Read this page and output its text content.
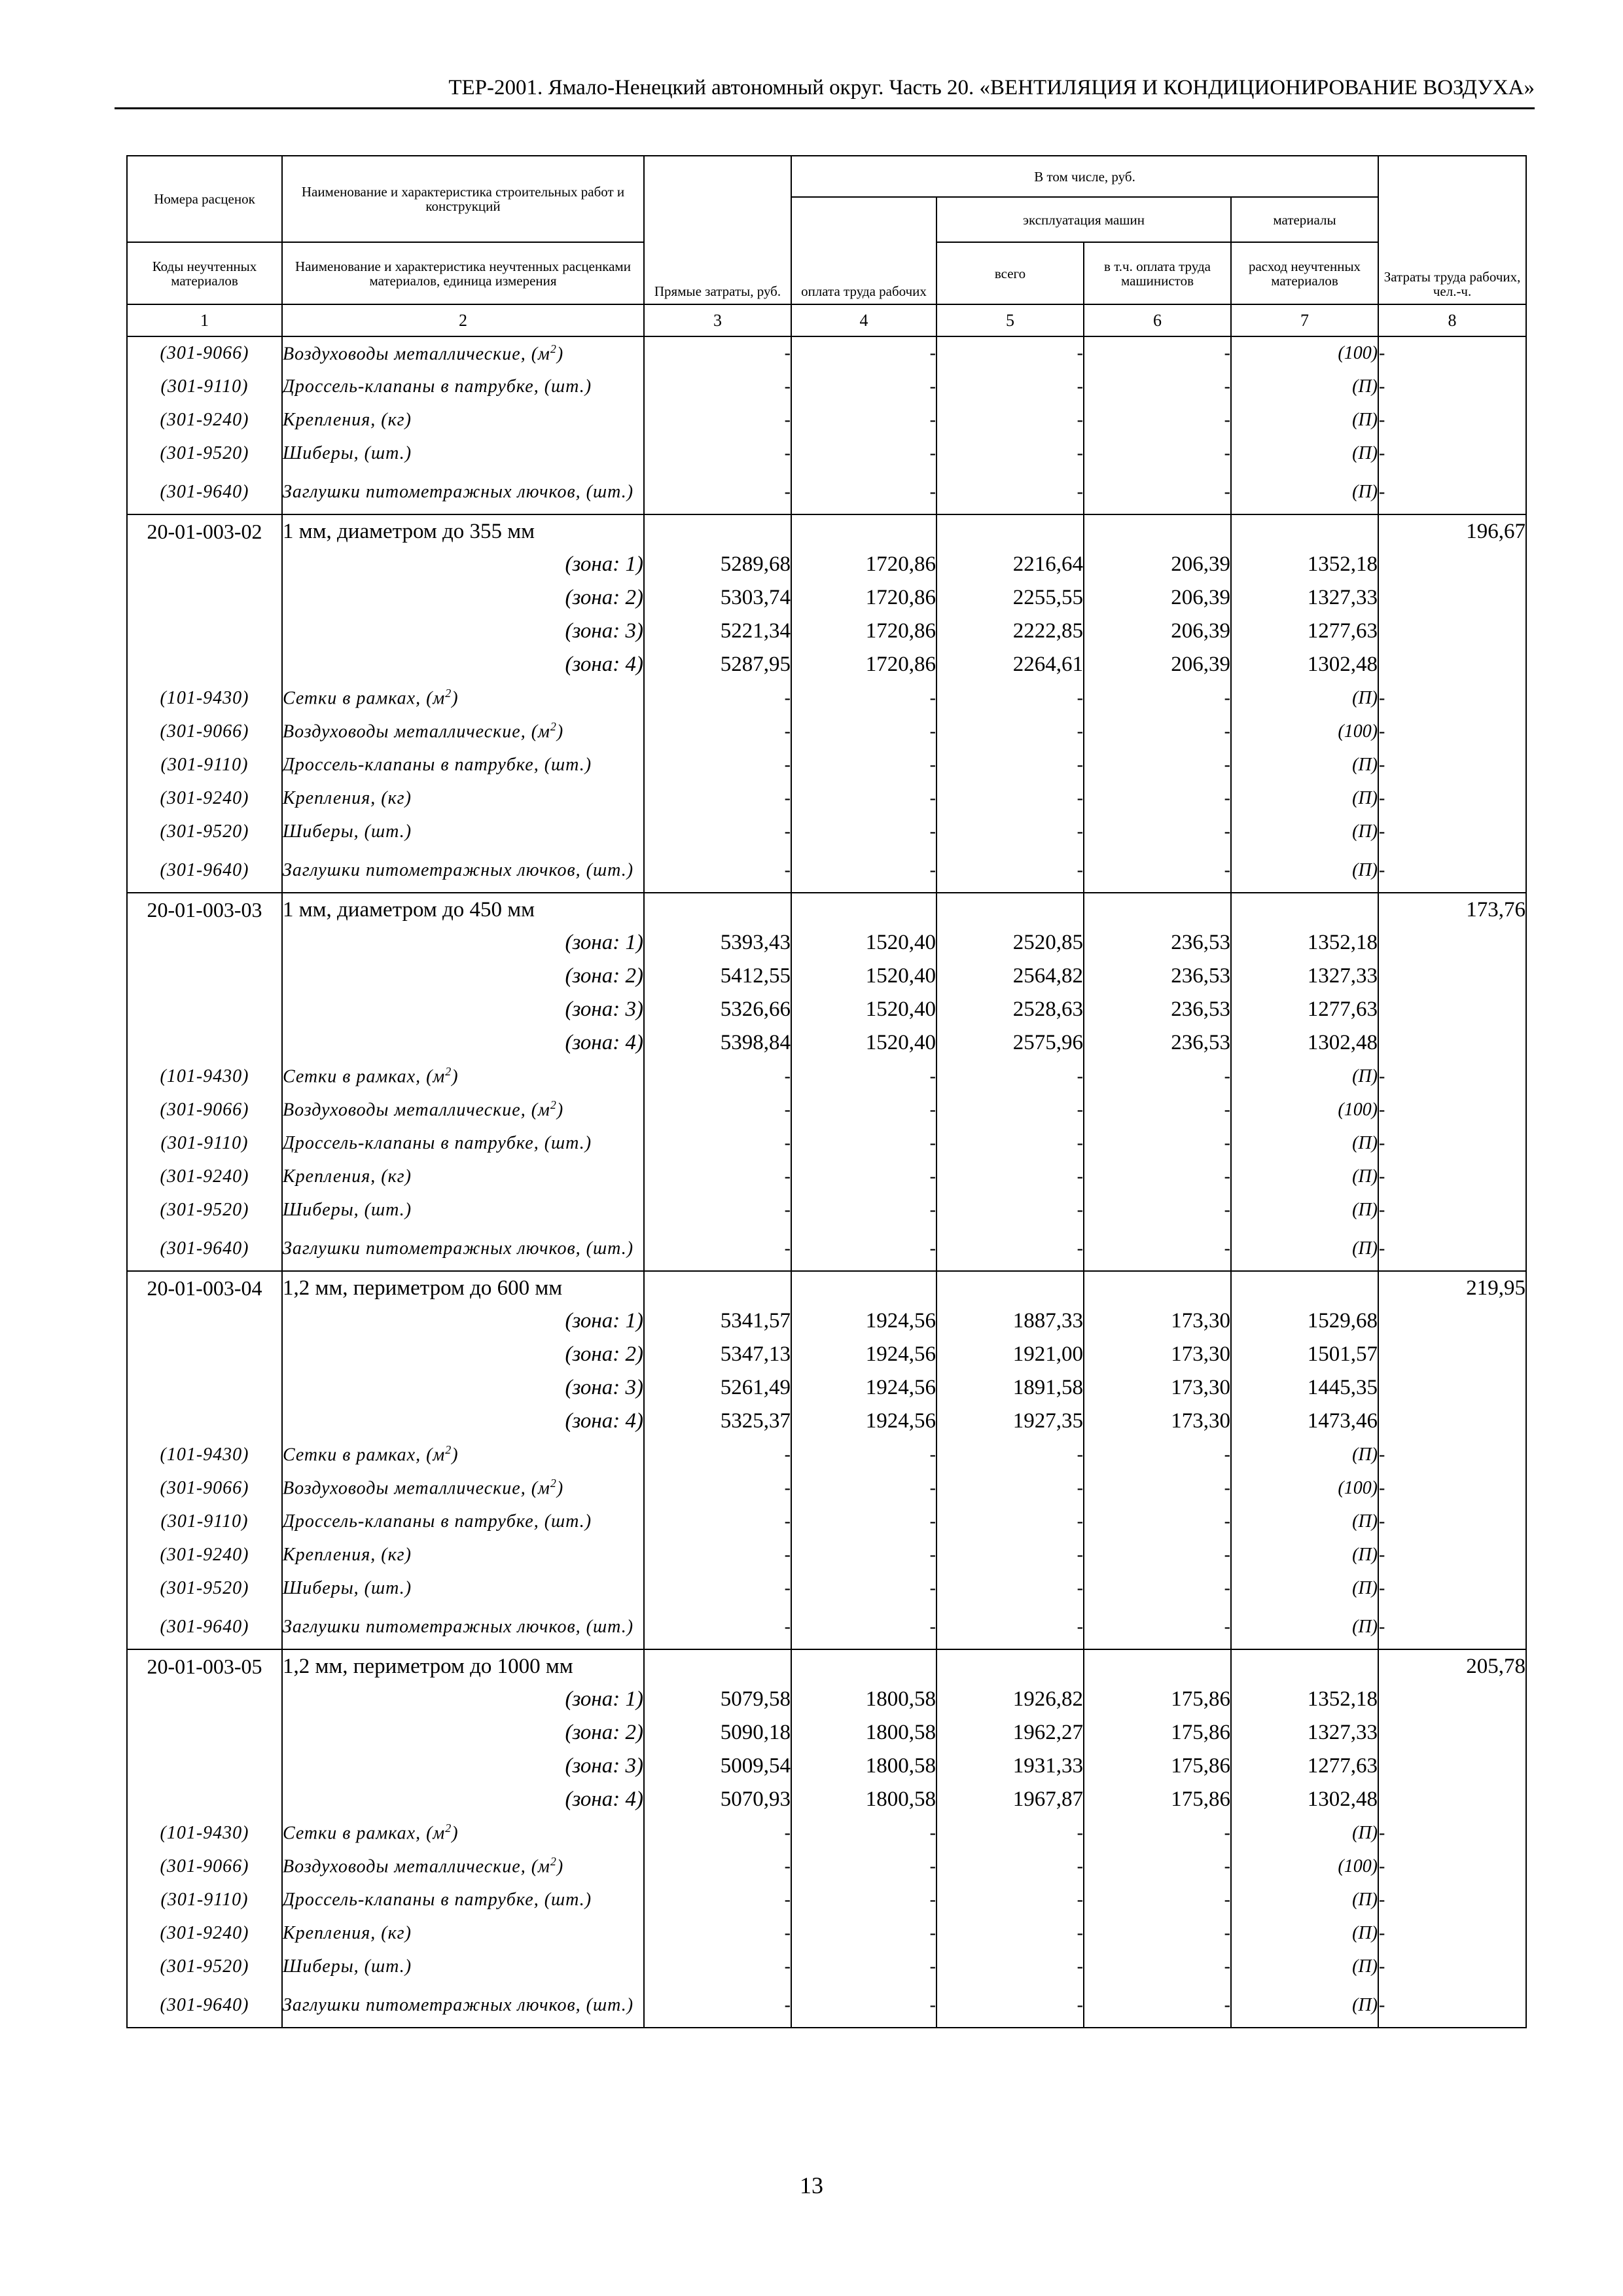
ТЕР-2001. Ямало-Ненецкий автономный округ. Часть 20. «ВЕНТИЛЯЦИЯ И КОНДИЦИОНИРОВАНИЕ ВОЗДУХА»
Номера расценок	Наименование и характеристика строительных работ и конструкций	Прямые затраты, руб.	В том числе, руб.				Затраты труда рабочих, чел.-ч.
			оплата труда рабочих	эксплуатация машин		материалы	
Коды неучтенных материалов	Наименование и характеристика неучтенных расценками материалов, единица измерения			всего	в т.ч. оплата труда машинистов	расход неучтенных материалов	
1	2	3	4	5	6	7	8
(301-9066)	Воздуховоды металлические, $(м^2)$	-	-	-	-	(100)	-
(301-9110)	Дроссель-клапаны в патрубке, (шт.)	-	-	-	-	(П)	-
(301-9240)	Крепления, (кг)	-	-	-	-	(П)	-
(301-9520)	Шиберы, (шт.)	-	-	-	-	(П)	-
(301-9640)	Заглушки питометражных лючков, (шт.)	-	-	-	-	(П)	-
20-01-003-02	1 мм, диаметром до 355 мм						196,67
	(зона: 1)	5289,68	1720,86	2216,64	206,39	1352,18	
	(зона: 2)	5303,74	1720,86	2255,55	206,39	1327,33	
	(зона: 3)	5221,34	1720,86	2222,85	206,39	1277,63	
	(зона: 4)	5287,95	1720,86	2264,61	206,39	1302,48	
(101-9430)	Сетки в рамках, $(м^2)$	-	-	-	-	(П)	-
(301-9066)	Воздуховоды металлические, $(м^2)$	-	-	-	-	(100)	-
(301-9110)	Дроссель-клапаны в патрубке, (шт.)	-	-	-	-	(П)	-
(301-9240)	Крепления, (кг)	-	-	-	-	(П)	-
(301-9520)	Шиберы, (шт.)	-	-	-	-	(П)	-
(301-9640)	Заглушки питометражных лючков, (шт.)	-	-	-	-	(П)	-
20-01-003-03	1 мм, диаметром до 450 мм						173,76
	(зона: 1)	5393,43	1520,40	2520,85	236,53	1352,18	
	(зона: 2)	5412,55	1520,40	2564,82	236,53	1327,33	
	(зона: 3)	5326,66	1520,40	2528,63	236,53	1277,63	
	(зона: 4)	5398,84	1520,40	2575,96	236,53	1302,48	
(101-9430)	Сетки в рамках, $(м^2)$	-	-	-	-	(П)	-
(301-9066)	Воздуховоды металлические, $(м^2)$	-	-	-	-	(100)	-
(301-9110)	Дроссель-клапаны в патрубке, (шт.)	-	-	-	-	(П)	-
(301-9240)	Крепления, (кг)	-	-	-	-	(П)	-
(301-9520)	Шиберы, (шт.)	-	-	-	-	(П)	-
(301-9640)	Заглушки питометражных лючков, (шт.)	-	-	-	-	(П)	-
20-01-003-04	1,2 мм, периметром до 600 мм						219,95
	(зона: 1)	5341,57	1924,56	1887,33	173,30	1529,68	
	(зона: 2)	5347,13	1924,56	1921,00	173,30	1501,57	
	(зона: 3)	5261,49	1924,56	1891,58	173,30	1445,35	
	(зона: 4)	5325,37	1924,56	1927,35	173,30	1473,46	
(101-9430)	Сетки в рамках, $(м^2)$	-	-	-	-	(П)	-
(301-9066)	Воздуховоды металлические, $(м^2)$	-	-	-	-	(100)	-
(301-9110)	Дроссель-клапаны в патрубке, (шт.)	-	-	-	-	(П)	-
(301-9240)	Крепления, (кг)	-	-	-	-	(П)	-
(301-9520)	Шиберы, (шт.)	-	-	-	-	(П)	-
(301-9640)	Заглушки питометражных лючков, (шт.)	-	-	-	-	(П)	-
20-01-003-05	1,2 мм, периметром до 1000 мм						205,78
	(зона: 1)	5079,58	1800,58	1926,82	175,86	1352,18	
	(зона: 2)	5090,18	1800,58	1962,27	175,86	1327,33	
	(зона: 3)	5009,54	1800,58	1931,33	175,86	1277,63	
	(зона: 4)	5070,93	1800,58	1967,87	175,86	1302,48	
(101-9430)	Сетки в рамках, $(м^2)$	-	-	-	-	(П)	-
(301-9066)	Воздуховоды металлические, $(м^2)$	-	-	-	-	(100)	-
(301-9110)	Дроссель-клапаны в патрубке, (шт.)	-	-	-	-	(П)	-
(301-9240)	Крепления, (кг)	-	-	-	-	(П)	-
(301-9520)	Шиберы, (шт.)	-	-	-	-	(П)	-
(301-9640)	Заглушки питометражных лючков, (шт.)	-	-	-	-	(П)	-
13
